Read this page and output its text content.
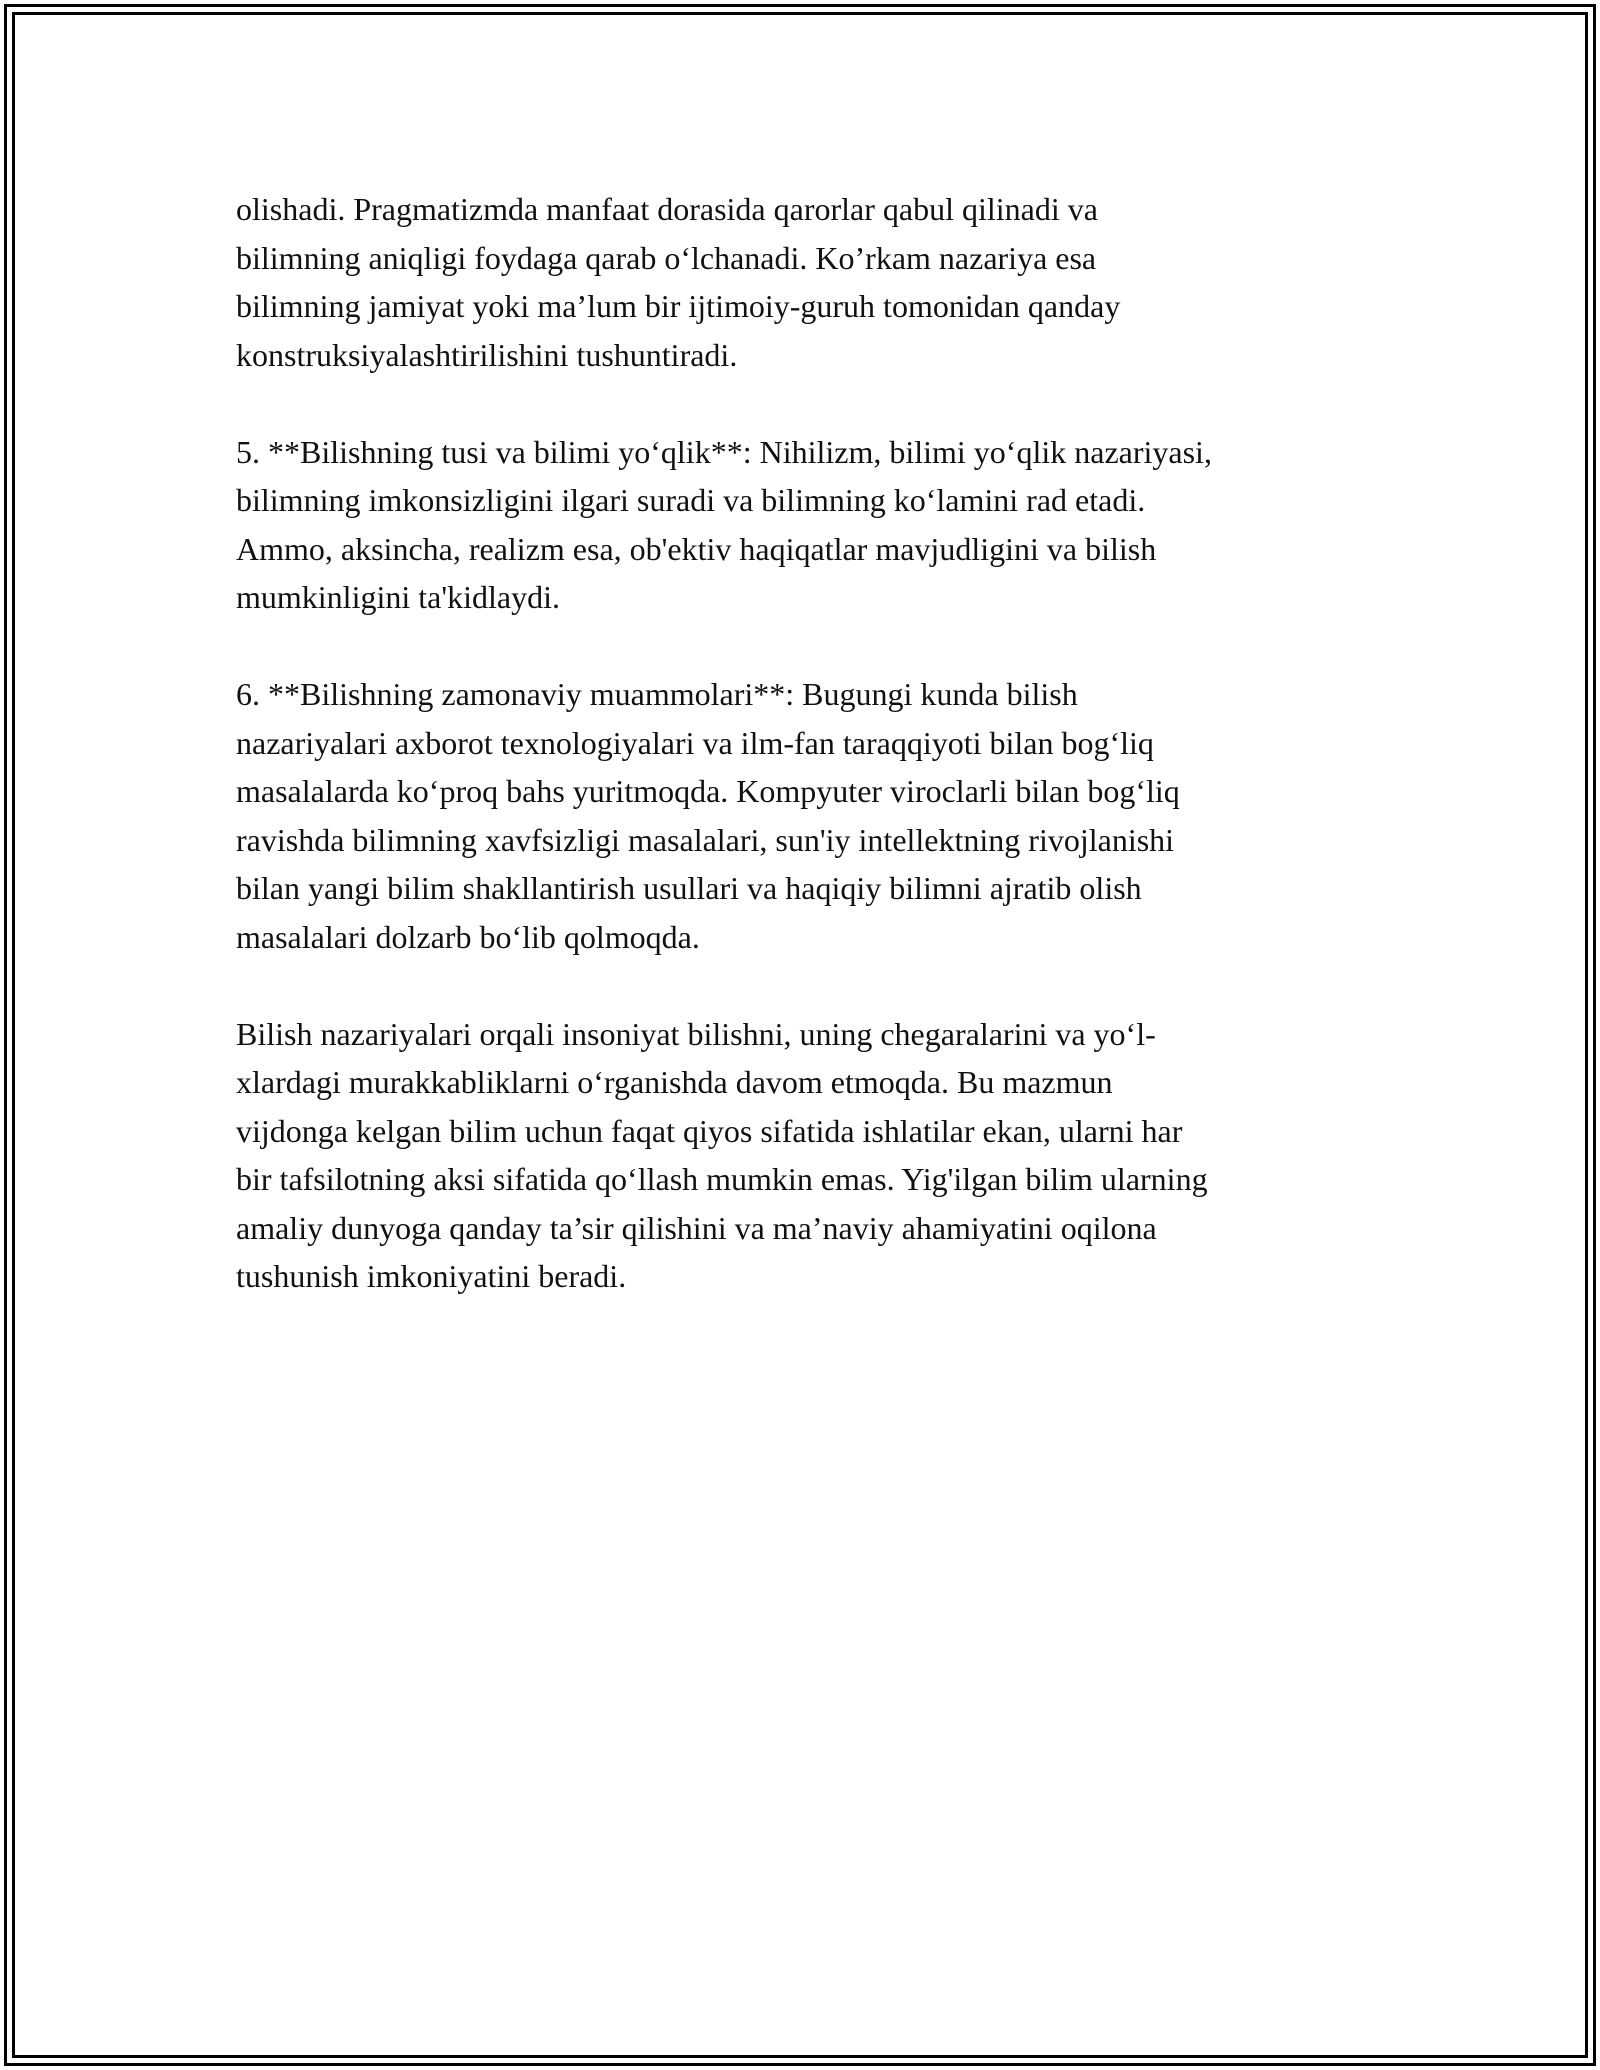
olishadi. Pragmatizmda manfaat dorasida qarorlar qabul qilinadi va
bilimning aniqligi foydaga qarab o‘lchanadi. Ko’rkam nazariya esa
bilimning jamiyat yoki ma’lum bir ijtimoiy-guruh tomonidan qanday
konstruksiyalashtirilishini tushuntiradi.

5. **Bilishning tusi va bilimi yo‘qlik**: Nihilizm, bilimi yo‘qlik nazariyasi,
bilimning imkonsizligini ilgari suradi va bilimning ko‘lamini rad etadi.
Ammo, aksincha, realizm esa, ob'ektiv haqiqatlar mavjudligini va bilish
mumkinligini ta'kidlaydi.

6. **Bilishning zamonaviy muammolari**: Bugungi kunda bilish
nazariyalari axborot texnologiyalari va ilm-fan taraqqiyoti bilan bog‘liq
masalalarda ko‘proq bahs yuritmoqda. Kompyuter viroclarli bilan bog‘liq
ravishda bilimning xavfsizligi masalalari, sun'iy intellektning rivojlanishi
bilan yangi bilim shakllantirish usullari va haqiqiy bilimni ajratib olish
masalalari dolzarb bo‘lib qolmoqda.

Bilish nazariyalari orqali insoniyat bilishni, uning chegaralarini va yo‘l-
xlardagi murakkabliklarni o‘rganishda davom etmoqda. Bu mazmun
vijdonga kelgan bilim uchun faqat qiyos sifatida ishlatilar ekan, ularni har
bir tafsilotning aksi sifatida qo‘llash mumkin emas. Yig'ilgan bilim ularning
amaliy dunyoga qanday ta’sir qilishini va ma’naviy ahamiyatini oqilona
tushunish imkoniyatini beradi.
